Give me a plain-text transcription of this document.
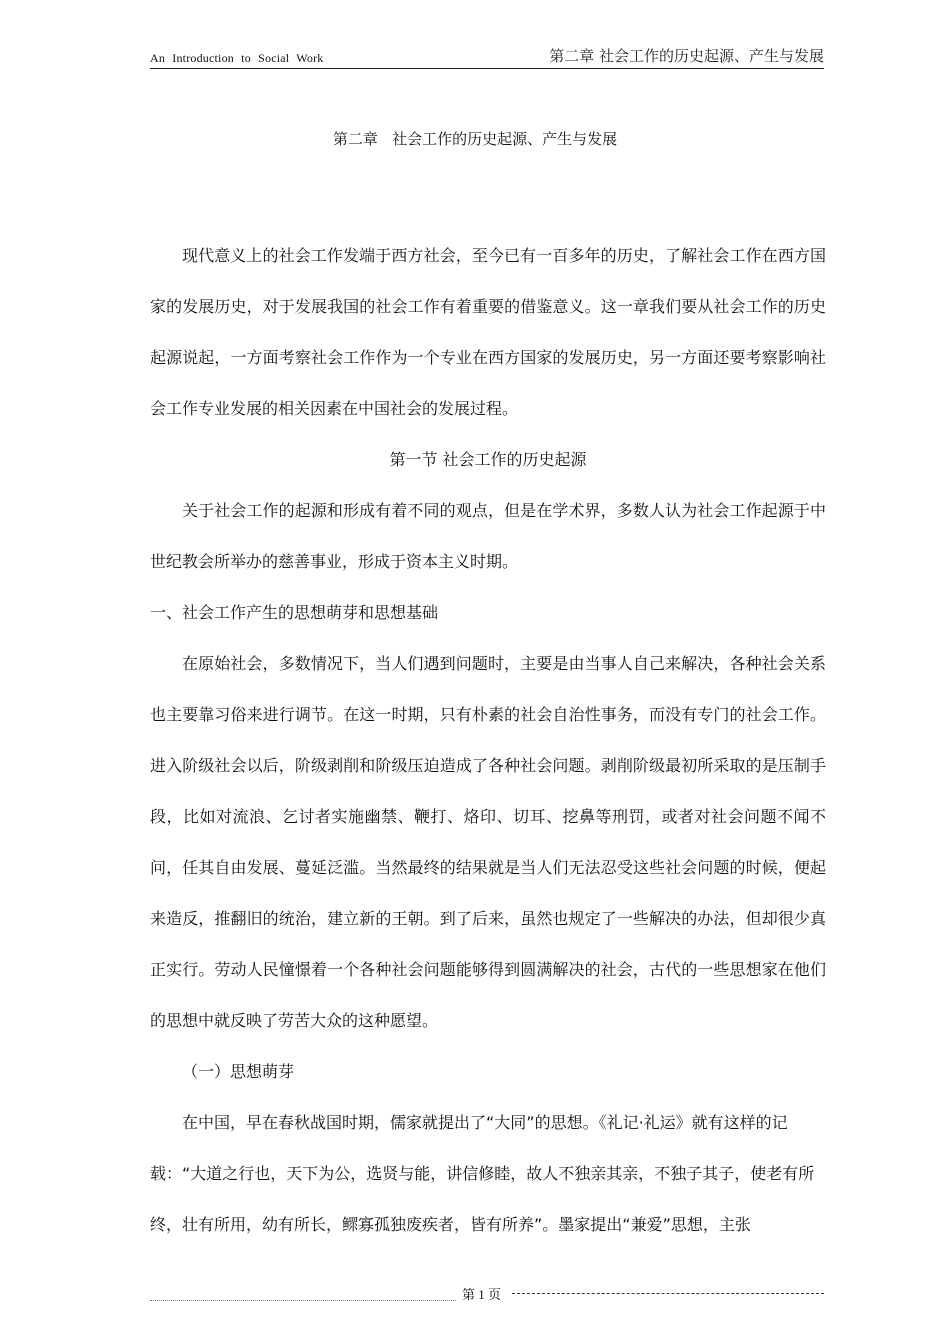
An Introduction to Social Work	第二章 社会工作的历史起源、产生与发展
第二章   社会工作的历史起源、产生与发展

现代意义上的社会工作发端于西方社会，至今已有一百多年的历史，了解社会工作在西方国家的发展历史，对于发展我国的社会工作有着重要的借鉴意义。这一章我们要从社会工作的历史起源说起，一方面考察社会工作作为一个专业在西方国家的发展历史，另一方面还要考察影响社会工作专业发展的相关因素在中国社会的发展过程。

第一节 社会工作的历史起源

关于社会工作的起源和形成有着不同的观点，但是在学术界，多数人认为社会工作起源于中世纪教会所举办的慈善事业，形成于资本主义时期。

一、社会工作产生的思想萌芽和思想基础

在原始社会，多数情况下，当人们遇到问题时，主要是由当事人自己来解决，各种社会关系也主要靠习俗来进行调节。在这一时期，只有朴素的社会自治性事务，而没有专门的社会工作。进入阶级社会以后，阶级剥削和阶级压迫造成了各种社会问题。剥削阶级最初所采取的是压制手段，比如对流浪、乞讨者实施幽禁、鞭打、烙印、切耳、挖鼻等刑罚，或者对社会问题不闻不问，任其自由发展、蔓延泛滥。当然最终的结果就是当人们无法忍受这些社会问题的时候，便起来造反，推翻旧的统治，建立新的王朝。到了后来，虽然也规定了一些解决的办法，但却很少真正实行。劳动人民憧憬着一个各种社会问题能够得到圆满解决的社会，古代的一些思想家在他们的思想中就反映了劳苦大众的这种愿望。

（一）思想萌芽

在中国，早在春秋战国时期，儒家就提出了“大同”的思想。《礼记·礼运》就有这样的记载：“大道之行也，天下为公，选贤与能，讲信修睦，故人不独亲其亲，不独子其子，使老有所终，壮有所用，幼有所长，鳏寡孤独废疾者，皆有所养”。墨家提出“兼爱”思想，主张

第 1 页
